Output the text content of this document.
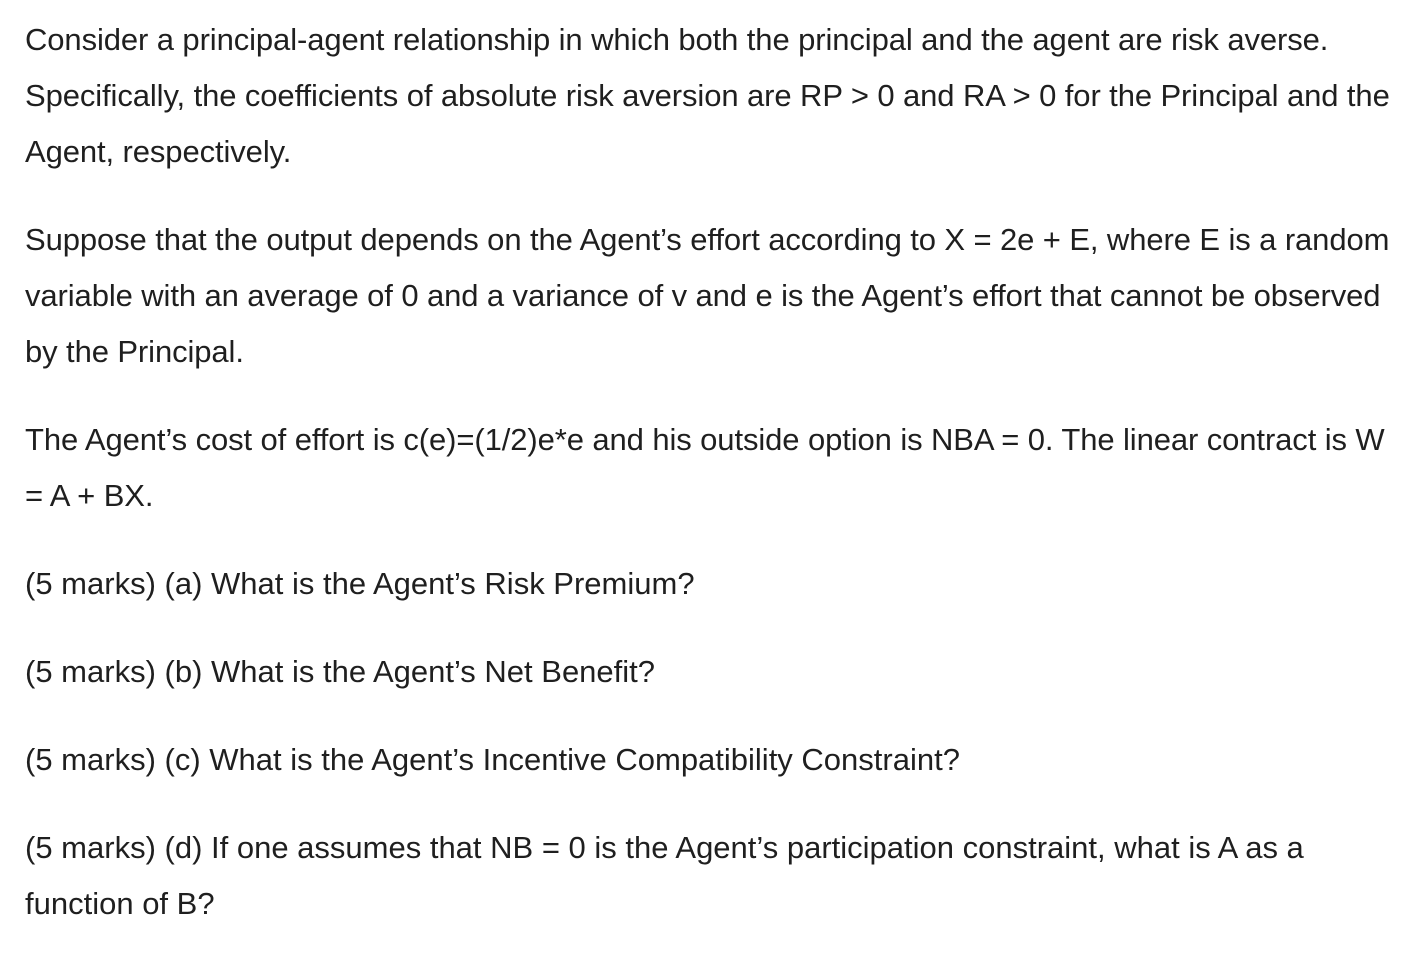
Consider a principal-agent relationship in which both the principal and the agent are risk averse. Specifically, the coefficients of absolute risk aversion are RP > 0 and RA > 0 for the Principal and the Agent, respectively.

Suppose that the output depends on the Agent’s effort according to X = 2e + E, where E is a random variable with an average of 0 and a variance of v and e is the Agent’s effort that cannot be observed by the Principal.

The Agent’s cost of effort is c(e)=(1/2)e*e and his outside option is NBA = 0. The linear contract is W = A + BX.

(5 marks) (a) What is the Agent’s Risk Premium?

(5 marks) (b) What is the Agent’s Net Benefit?

(5 marks) (c) What is the Agent’s Incentive Compatibility Constraint?

(5 marks) (d) If one assumes that NB = 0 is the Agent’s participation constraint, what is A as a function of B?
